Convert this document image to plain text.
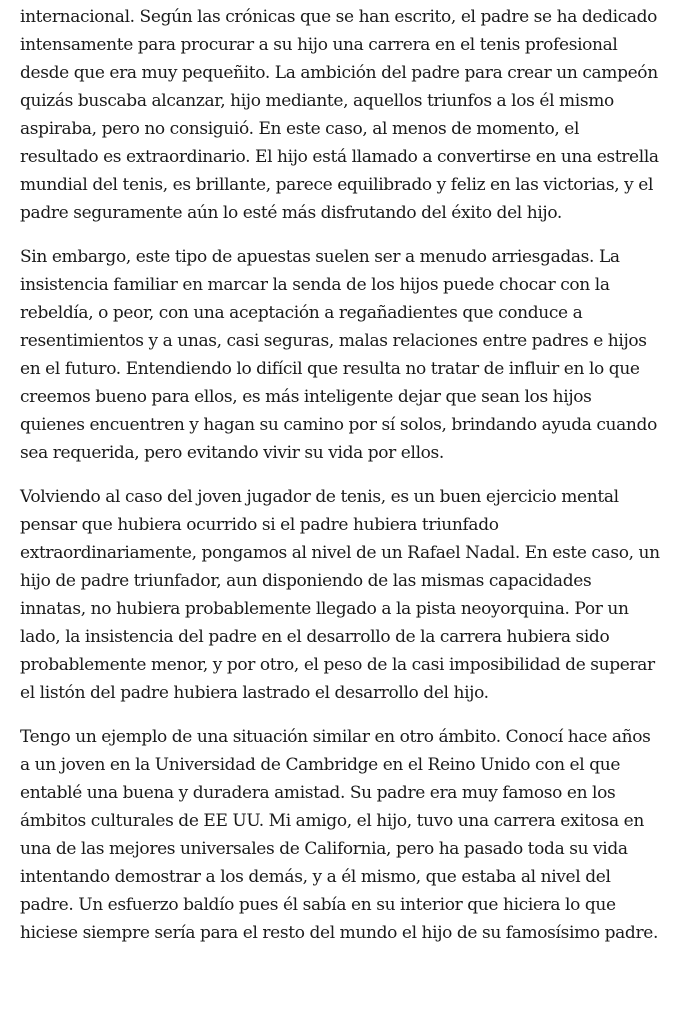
internacional. Según las crónicas que se han escrito, el padre se ha dedicado intensamente para procurar a su hijo una carrera en el tenis profesional desde que era muy pequeñito. La ambición del padre para crear un campeón quizás buscaba alcanzar, hijo mediante, aquellos triunfos a los él mismo aspiraba, pero no consiguió. En este caso, al menos de momento, el resultado es extraordinario. El hijo está llamado a convertirse en una estrella mundial del tenis, es brillante, parece equilibrado y feliz en las victorias, y el padre seguramente aún lo esté más disfrutando del éxito del hijo.

Sin embargo, este tipo de apuestas suelen ser a menudo arriesgadas. La insistencia familiar en marcar la senda de los hijos puede chocar con la rebeldía, o peor, con una aceptación a regañadientes que conduce a resentimientos y a unas, casi seguras, malas relaciones entre padres e hijos en el futuro. Entendiendo lo difícil que resulta no tratar de influir en lo que creemos bueno para ellos, es más inteligente dejar que sean los hijos quienes encuentren y hagan su camino por sí solos, brindando ayuda cuando sea requerida, pero evitando vivir su vida por ellos.

Volviendo al caso del joven jugador de tenis, es un buen ejercicio mental pensar que hubiera ocurrido si el padre hubiera triunfado extraordinariamente, pongamos al nivel de un Rafael Nadal. En este caso, un hijo de padre triunfador, aun disponiendo de las mismas capacidades innatas, no hubiera probablemente llegado a la pista neoyorquina. Por un lado, la insistencia del padre en el desarrollo de la carrera hubiera sido probablemente menor, y por otro, el peso de la casi imposibilidad de superar el listón del padre hubiera lastrado el desarrollo del hijo.

Tengo un ejemplo de una situación similar en otro ámbito. Conocí hace años a un joven en la Universidad de Cambridge en el Reino Unido con el que entablé una buena y duradera amistad. Su padre era muy famoso en los ámbitos culturales de EE UU. Mi amigo, el hijo, tuvo una carrera exitosa en una de las mejores universales de California, pero ha pasado toda su vida intentando demostrar a los demás, y a él mismo, que estaba al nivel del padre. Un esfuerzo baldío pues él sabía en su interior que hiciera lo que hiciese siempre sería para el resto del mundo el hijo de su famosísimo padre.
